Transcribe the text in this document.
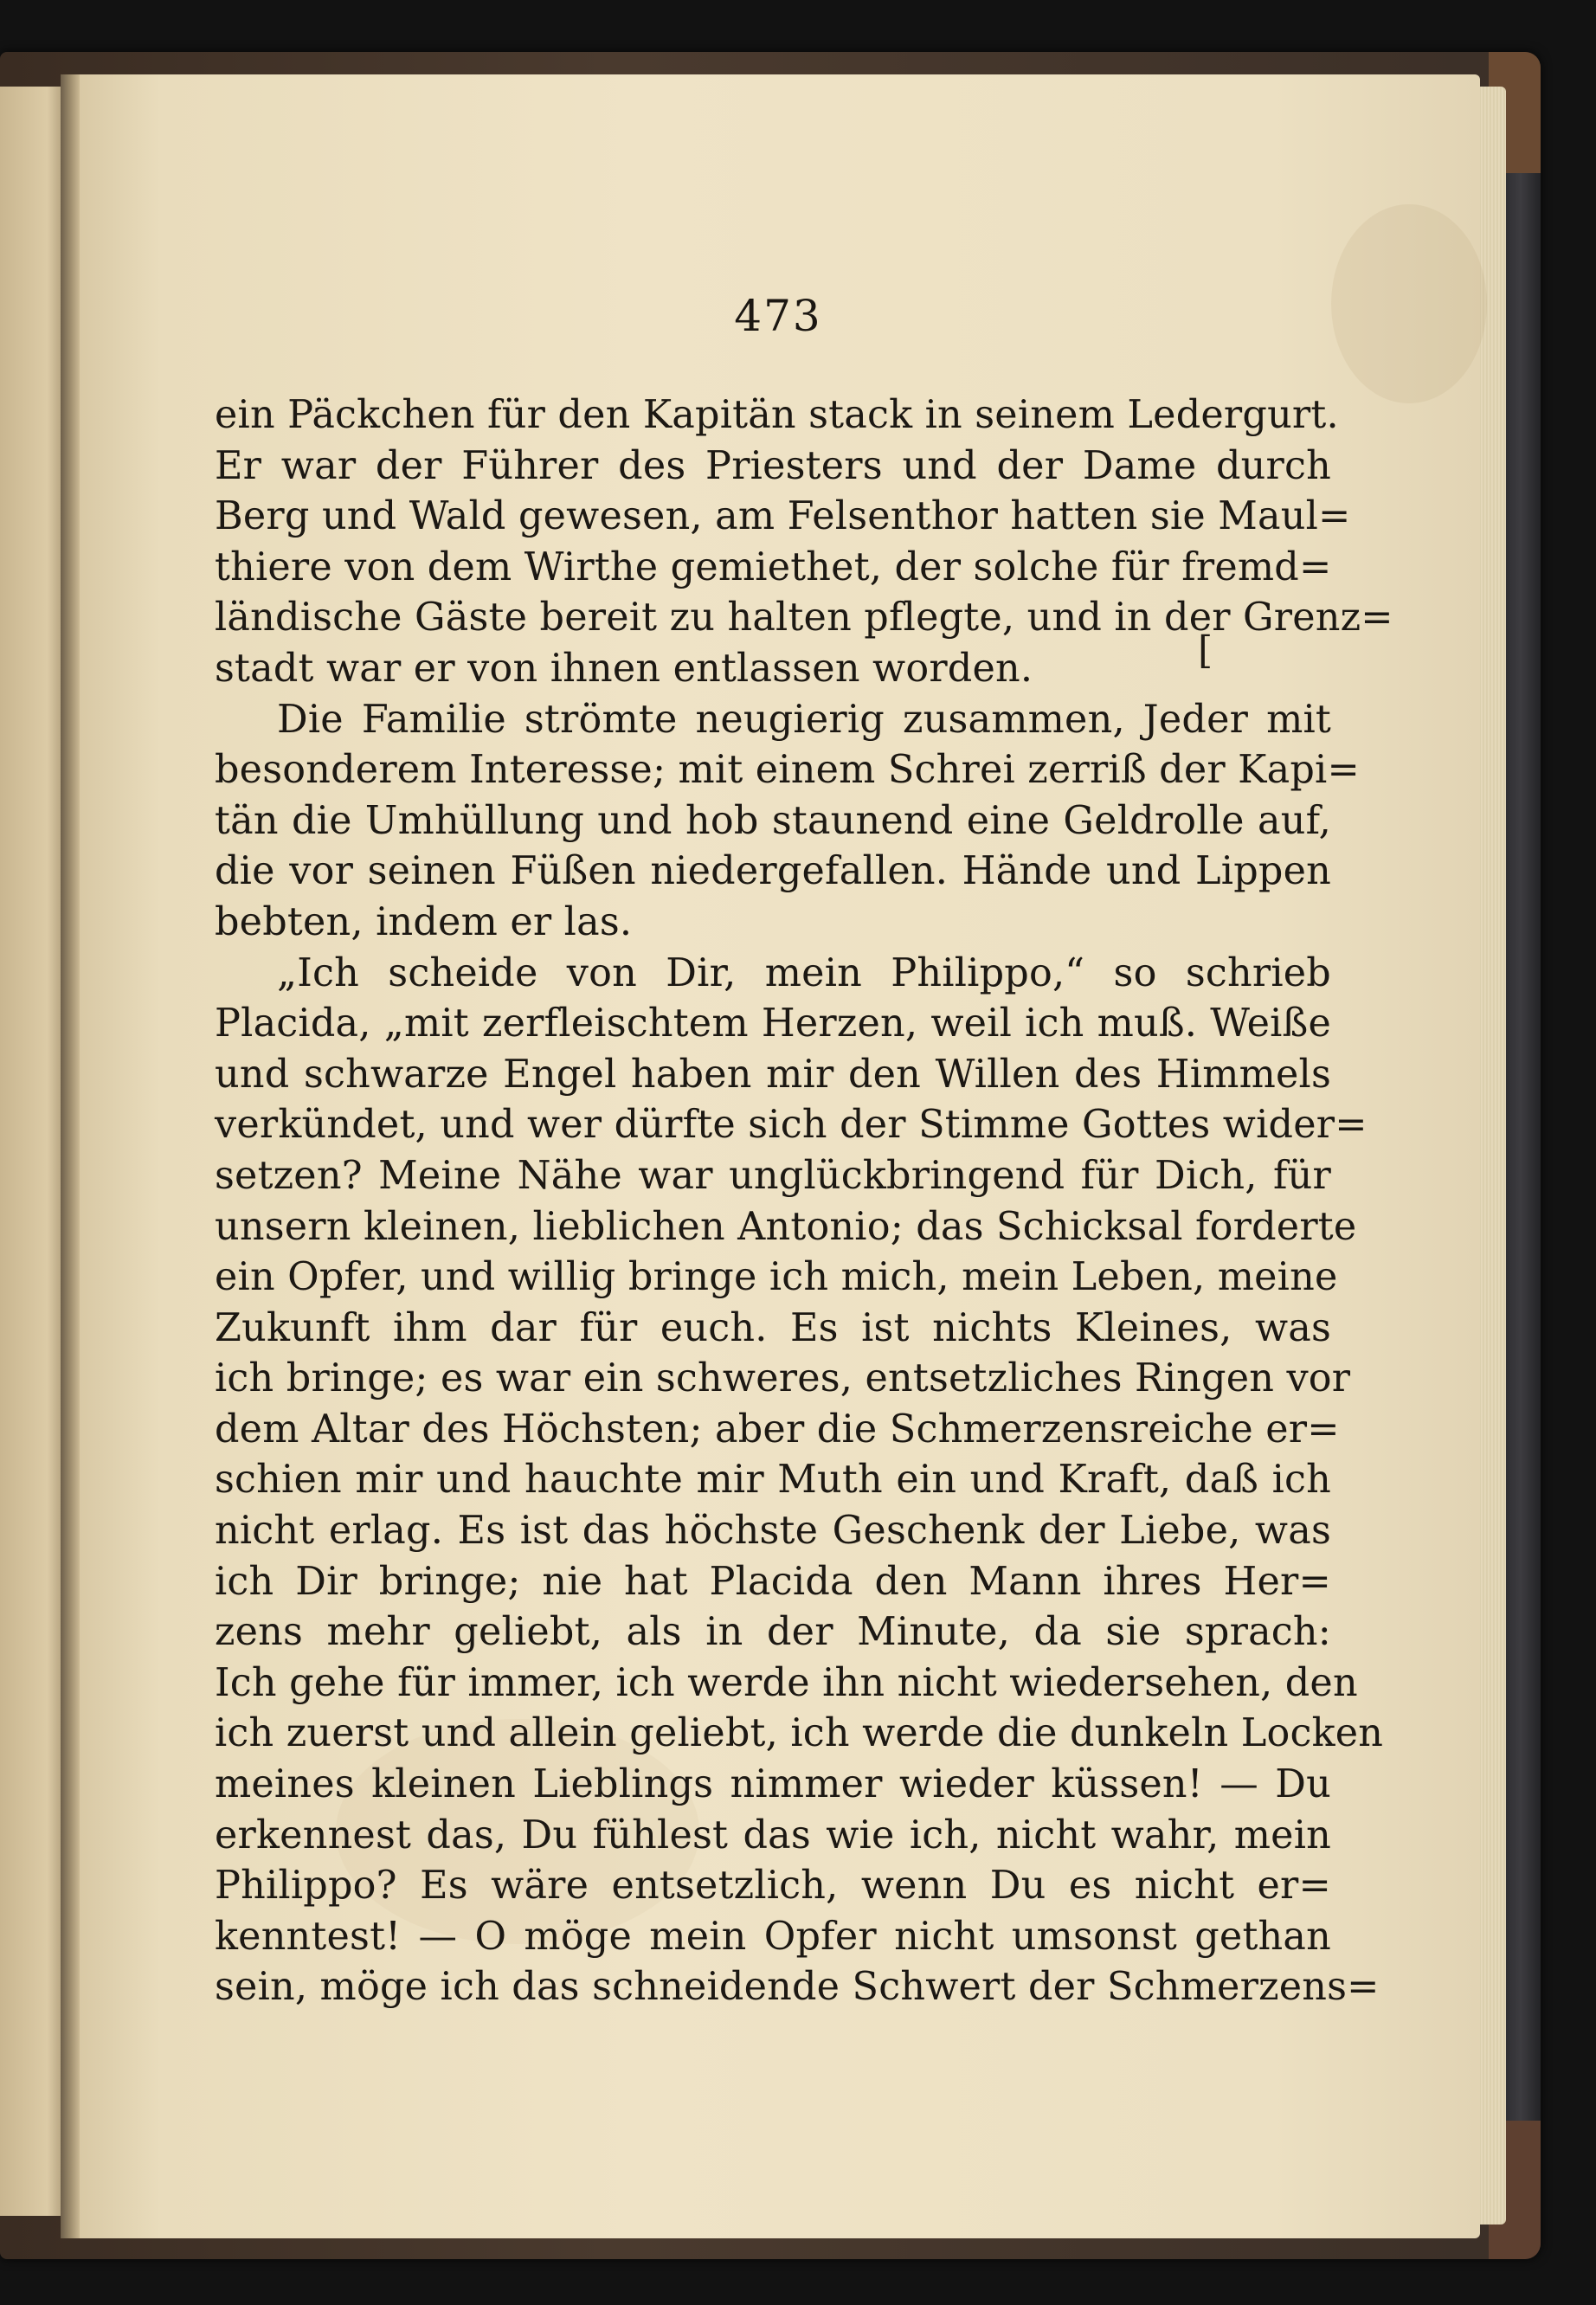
473
ein Päckchen für den Kapitän stack in seinem Ledergurt.
Er war der Führer des Priesters und der Dame durch
Berg und Wald gewesen, am Felsenthor hatten sie Maul=
thiere von dem Wirthe gemiethet, der solche für fremd=
ländische Gäste bereit zu halten pflegte, und in der Grenz=
stadt war er von ihnen entlassen worden.
Die Familie strömte neugierig zusammen, Jeder mit
besonderem Interesse; mit einem Schrei zerriß der Kapi=
tän die Umhüllung und hob staunend eine Geldrolle auf,
die vor seinen Füßen niedergefallen. Hände und Lippen
bebten, indem er las.
„Ich scheide von Dir, mein Philippo,“ so schrieb
Placida, „mit zerfleischtem Herzen, weil ich muß. Weiße
und schwarze Engel haben mir den Willen des Himmels
verkündet, und wer dürfte sich der Stimme Gottes wider=
setzen? Meine Nähe war unglückbringend für Dich, für
unsern kleinen, lieblichen Antonio; das Schicksal forderte
ein Opfer, und willig bringe ich mich, mein Leben, meine
Zukunft ihm dar für euch. Es ist nichts Kleines, was
ich bringe; es war ein schweres, entsetzliches Ringen vor
dem Altar des Höchsten; aber die Schmerzensreiche er=
schien mir und hauchte mir Muth ein und Kraft, daß ich
nicht erlag. Es ist das höchste Geschenk der Liebe, was
ich Dir bringe; nie hat Placida den Mann ihres Her=
zens mehr geliebt, als in der Minute, da sie sprach:
Ich gehe für immer, ich werde ihn nicht wiedersehen, den
ich zuerst und allein geliebt, ich werde die dunkeln Locken
meines kleinen Lieblings nimmer wieder küssen! — Du
erkennest das, Du fühlest das wie ich, nicht wahr, mein
Philippo? Es wäre entsetzlich, wenn Du es nicht er=
kenntest! — O möge mein Opfer nicht umsonst gethan
sein, möge ich das schneidende Schwert der Schmerzens=
[
